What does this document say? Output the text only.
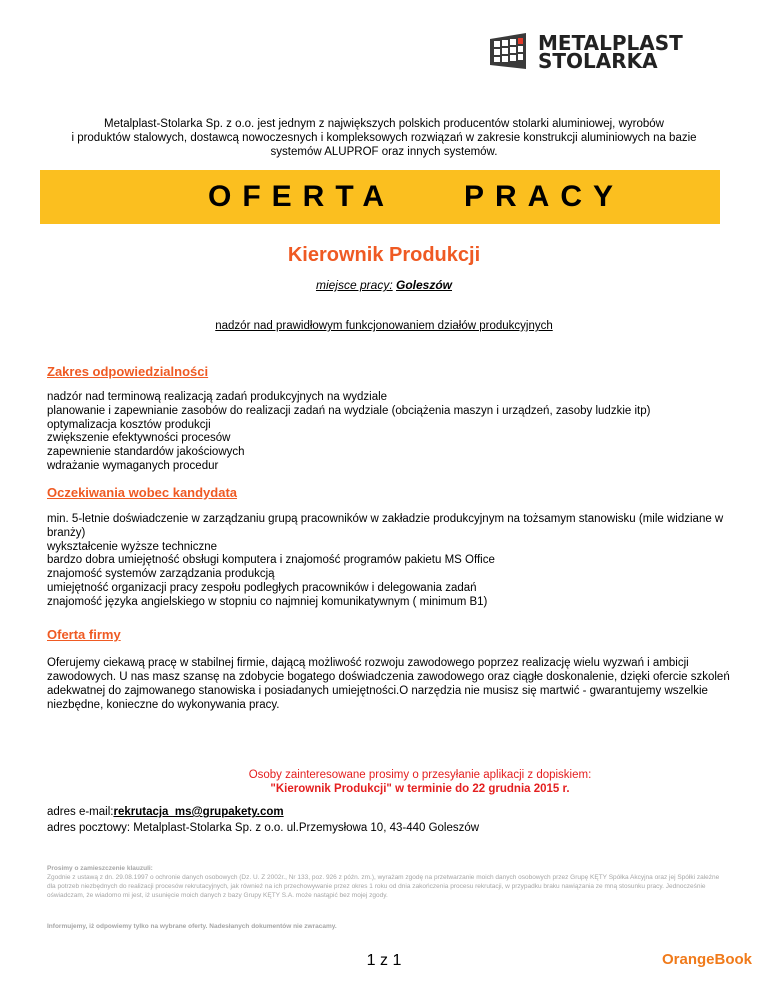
METALPLAST
STOLARKA
Metalplast-Stolarka Sp. z o.o. jest jednym z największych polskich producentów stolarki aluminiowej, wyrobów
i produktów stalowych, dostawcą nowoczesnych i kompleksowych rozwiązań w zakresie konstrukcji aluminiowych na bazie
systemów ALUPROF oraz innych systemów.
OFERTA PRACY
Kierownik Produkcji
miejsce pracy: Goleszów
nadzór nad prawidłowym funkcjonowaniem działów produkcyjnych
Zakres odpowiedzialności
nadzór nad terminową realizacją zadań produkcyjnych na wydziale
planowanie i zapewnianie zasobów do realizacji zadań na wydziale (obciążenia maszyn i urządzeń, zasoby ludzkie itp)
optymalizacja kosztów produkcji
zwiększenie efektywności procesów
zapewnienie standardów jakościowych
wdrażanie wymaganych procedur
Oczekiwania wobec kandydata
min. 5-letnie doświadczenie w zarządzaniu grupą pracowników w zakładzie produkcyjnym na tożsamym stanowisku (mile widziane w branży)
wykształcenie wyższe techniczne
bardzo dobra umiejętność obsługi komputera i znajomość programów pakietu MS Office
znajomość systemów zarządzania produkcją
umiejętność organizacji pracy zespołu podległych pracowników i delegowania zadań
znajomość języka angielskiego w stopniu co najmniej komunikatywnym ( minimum B1)
Oferta firmy

Oferujemy ciekawą pracę w stabilnej firmie, dającą możliwość rozwoju zawodowego poprzez realizację wielu wyzwań i ambicji zawodowych. U nas masz szansę na zdobycie bogatego doświadczenia zawodowego oraz ciągłe doskonalenie, dzięki ofercie szkoleń adekwatnej do zajmowanego stanowiska i posiadanych umiejętności.O narzędzia nie musisz się martwić - gwarantujemy wszelkie niezbędne, konieczne do wykonywania pracy.

Osoby zainteresowane prosimy o przesyłanie aplikacji z dopiskiem:
"Kierownik Produkcji" w terminie do 22 grudnia 2015 r.
adres e-mail:rekrutacja_ms@grupakety.com
adres pocztowy: Metalplast-Stolarka Sp. z o.o. ul.Przemysłowa 10, 43-440 Goleszów

Prosimy o zamieszczenie klauzuli:

Zgodnie z ustawą z dn. 29.08.1997 o ochronie danych osobowych (Dz. U. Z 2002r., Nr 133, poz. 926 z późn. zm.), wyrażam zgodę na przetwarzanie moich danych osobowych przez Grupę KĘTY Spółka Akcyjna oraz jej Spółki zależne dla potrzeb niezbędnych do realizacji procesów rekrutacyjnych, jak również na ich przechowywanie przez okres 1 roku od dnia zakończenia procesu rekrutacji, w przypadku braku nawiązania ze mną stosunku pracy. Jednocześnie oświadczam, że wiadomo mi jest, iż usunięcie moich danych z bazy Grupy KĘTY S.A. może nastąpić bez mojej zgody.

Informujemy, iż odpowiemy tylko na wybrane oferty. Nadesłanych dokumentów nie zwracamy.

1 z 1	OrangeBook
